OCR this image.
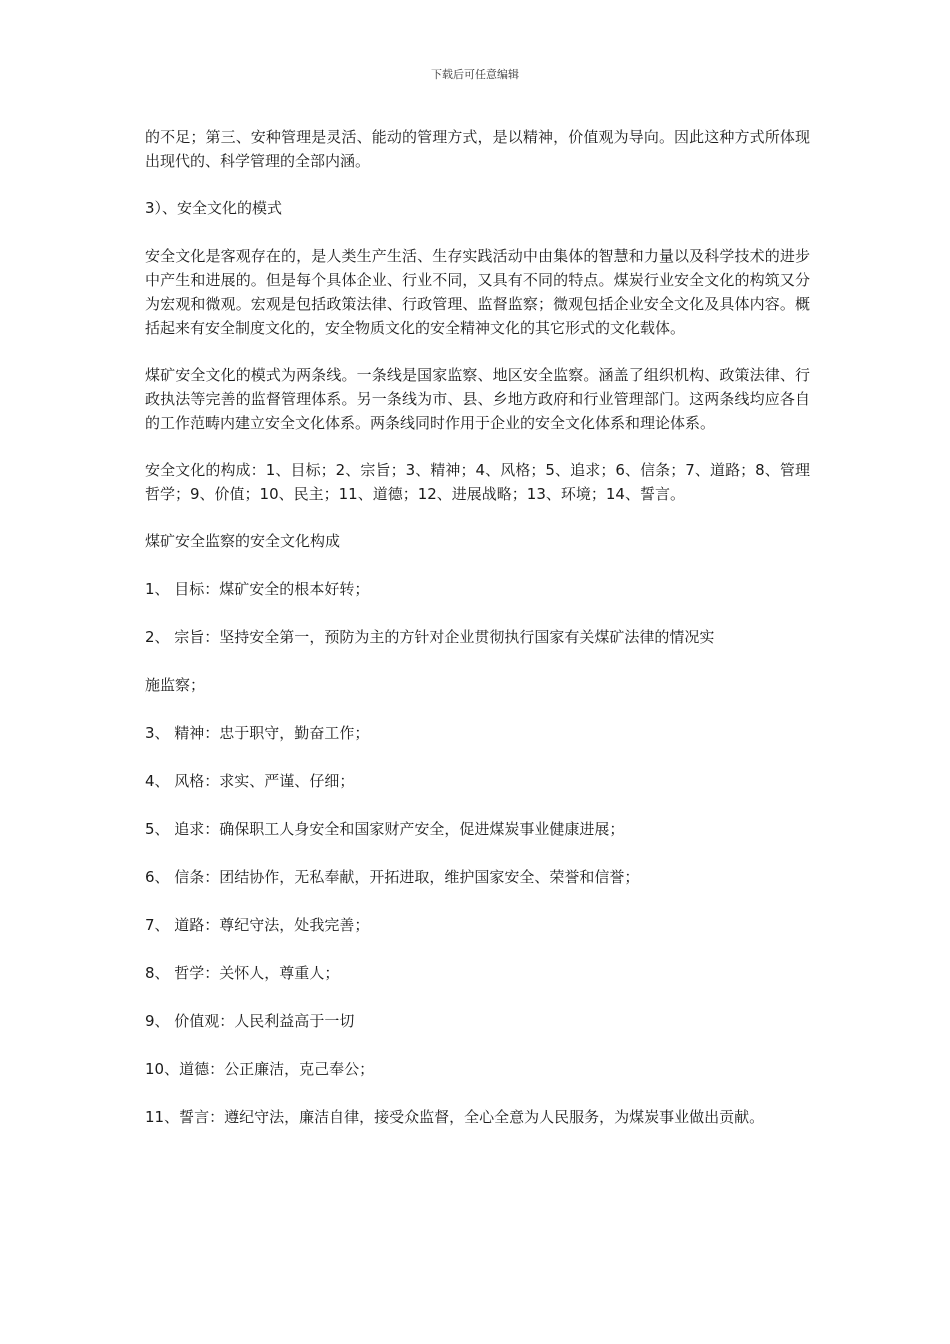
下载后可任意编辑

的不足；第三、安种管理是灵活、能动的管理方式，是以精神，价值观为导向。因此这种方式所体现出现代的、科学管理的全部内涵。

3）、安全文化的模式

安全文化是客观存在的，是人类生产生活、生存实践活动中由集体的智慧和力量以及科学技术的进步中产生和进展的。但是每个具体企业、行业不同，又具有不同的特点。煤炭行业安全文化的构筑又分为宏观和微观。宏观是包括政策法律、行政管理、监督监察；微观包括企业安全文化及具体内容。概括起来有安全制度文化的，安全物质文化的安全精神文化的其它形式的文化载体。

煤矿安全文化的模式为两条线。一条线是国家监察、地区安全监察。涵盖了组织机构、政策法律、行政执法等完善的监督管理体系。另一条线为市、县、乡地方政府和行业管理部门。这两条线均应各自的工作范畴内建立安全文化体系。两条线同时作用于企业的安全文化体系和理论体系。

安全文化的构成：1、目标；2、宗旨；3、精神；4、风格；5、追求；6、信条；7、道路；8、管理哲学；9、价值；10、民主；11、道德；12、进展战略；13、环境；14、誓言。

煤矿安全监察的安全文化构成

1、 目标：煤矿安全的根本好转；

2、 宗旨：坚持安全第一，预防为主的方针对企业贯彻执行国家有关煤矿法律的情况实

施监察；

3、 精神：忠于职守，勤奋工作；

4、 风格：求实、严谨、仔细；

5、 追求：确保职工人身安全和国家财产安全，促进煤炭事业健康进展；

6、 信条：团结协作，无私奉献，开拓进取，维护国家安全、荣誉和信誉；

7、 道路：尊纪守法，处我完善；

8、 哲学：关怀人，尊重人；

9、 价值观：人民利益高于一切

10、道德：公正廉洁，克己奉公；

11、誓言：遵纪守法，廉洁自律，接受众监督，全心全意为人民服务，为煤炭事业做出贡献。
